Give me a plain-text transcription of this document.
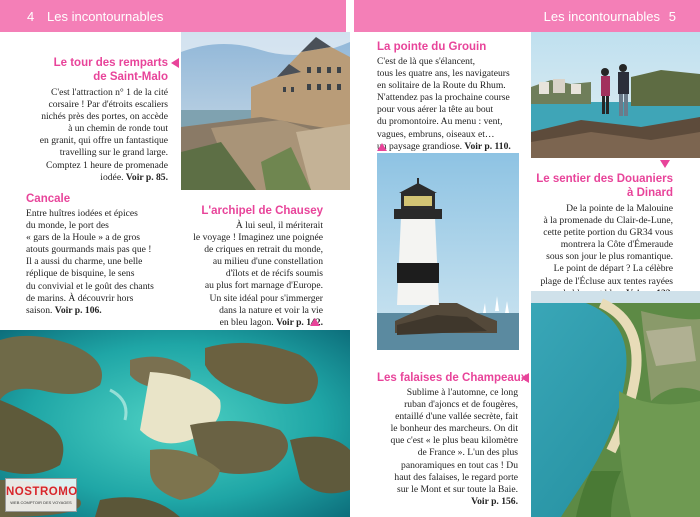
4 Les incontournables	Les incontournables 5
Le tour des remparts
de Saint-Malo
C'est l'attraction n° 1 de la cité
corsaire ! Par d'étroits escaliers
nichés près des portes, on accède
à un chemin de ronde tout
en granit, qui offre un fantastique
travelling sur le grand large.
Comptez 1 heure de promenade
iodée. Voir p. 85.
Cancale
Entre huîtres iodées et épices
du monde, le port des
« gars de la Houle » a de gros
atouts gourmands mais pas que !
Il a aussi du charme, une belle
réplique de bisquine, le sens
du convivial et le goût des chants
de marins. À découvrir hors
saison. Voir p. 106.
L'archipel de Chausey
À lui seul, il mériterait
le voyage ! Imaginez une poignée
de criques en retrait du monde,
au milieu d'une constellation
d'îlots et de récifs soumis
au plus fort marnage d'Europe.
Un site idéal pour s'immerger
dans la nature et voir la vie
en bleu lagon. Voir p. 142.
NOSTROMO
WEB COMPTOIR DES VOYAGES
La pointe du Grouin
C'est de là que s'élancent,
tous les quatre ans, les navigateurs
en solitaire de la Route du Rhum.
N'attendez pas la prochaine course
pour vous aérer la tête au bout
du promontoire. Au menu : vent,
vagues, embruns, oiseaux et…
un paysage grandiose. Voir p. 110.
Le sentier des Douaniers
à Dinard
De la pointe de la Malouine
à la promenade du Clair-de-Lune,
cette petite portion du GR34 vous
montrera la Côte d'Émeraude
sous son jour le plus romantique.
Le point de départ ? La célèbre
plage de l'Écluse aux tentes rayées
Les falaises de Champeaux
Sublime à l'automne, ce long
ruban d'ajoncs et de fougères,
entaillé d'une vallée secrète, fait
le bonheur des marcheurs. On dit
que c'est « le plus beau kilomètre
de France ». L'un des plus
panoramiques en tout cas ! Du
haut des falaises, le regard porte
sur le Mont et sur toute la Baie.
Voir p. 156.
